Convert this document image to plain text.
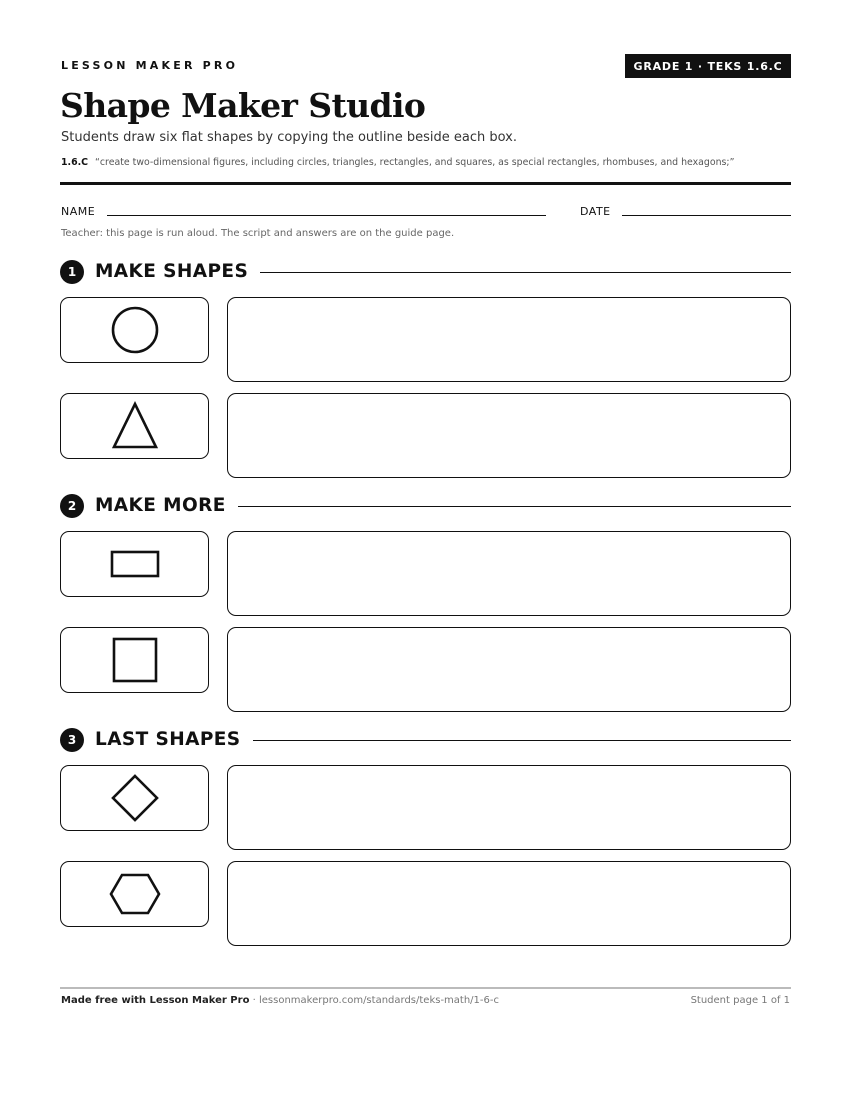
LESSON MAKER PRO	GRADE 1 · TEKS 1.6.C
Shape Maker Studio
Students draw six flat shapes by copying the outline beside each box.
1.6.C “create two-dimensional figures, including circles, triangles, rectangles, and squares, as special rectangles, rhombuses, and hexagons;”
NAME	DATE
Teacher: this page is run aloud. The script and answers are on the guide page.
1	MAKE SHAPES
2	MAKE MORE
3	LAST SHAPES
Made free with Lesson Maker Pro · lessonmakerpro.com/standards/teks-math/1-6-c	Student page 1 of 1
